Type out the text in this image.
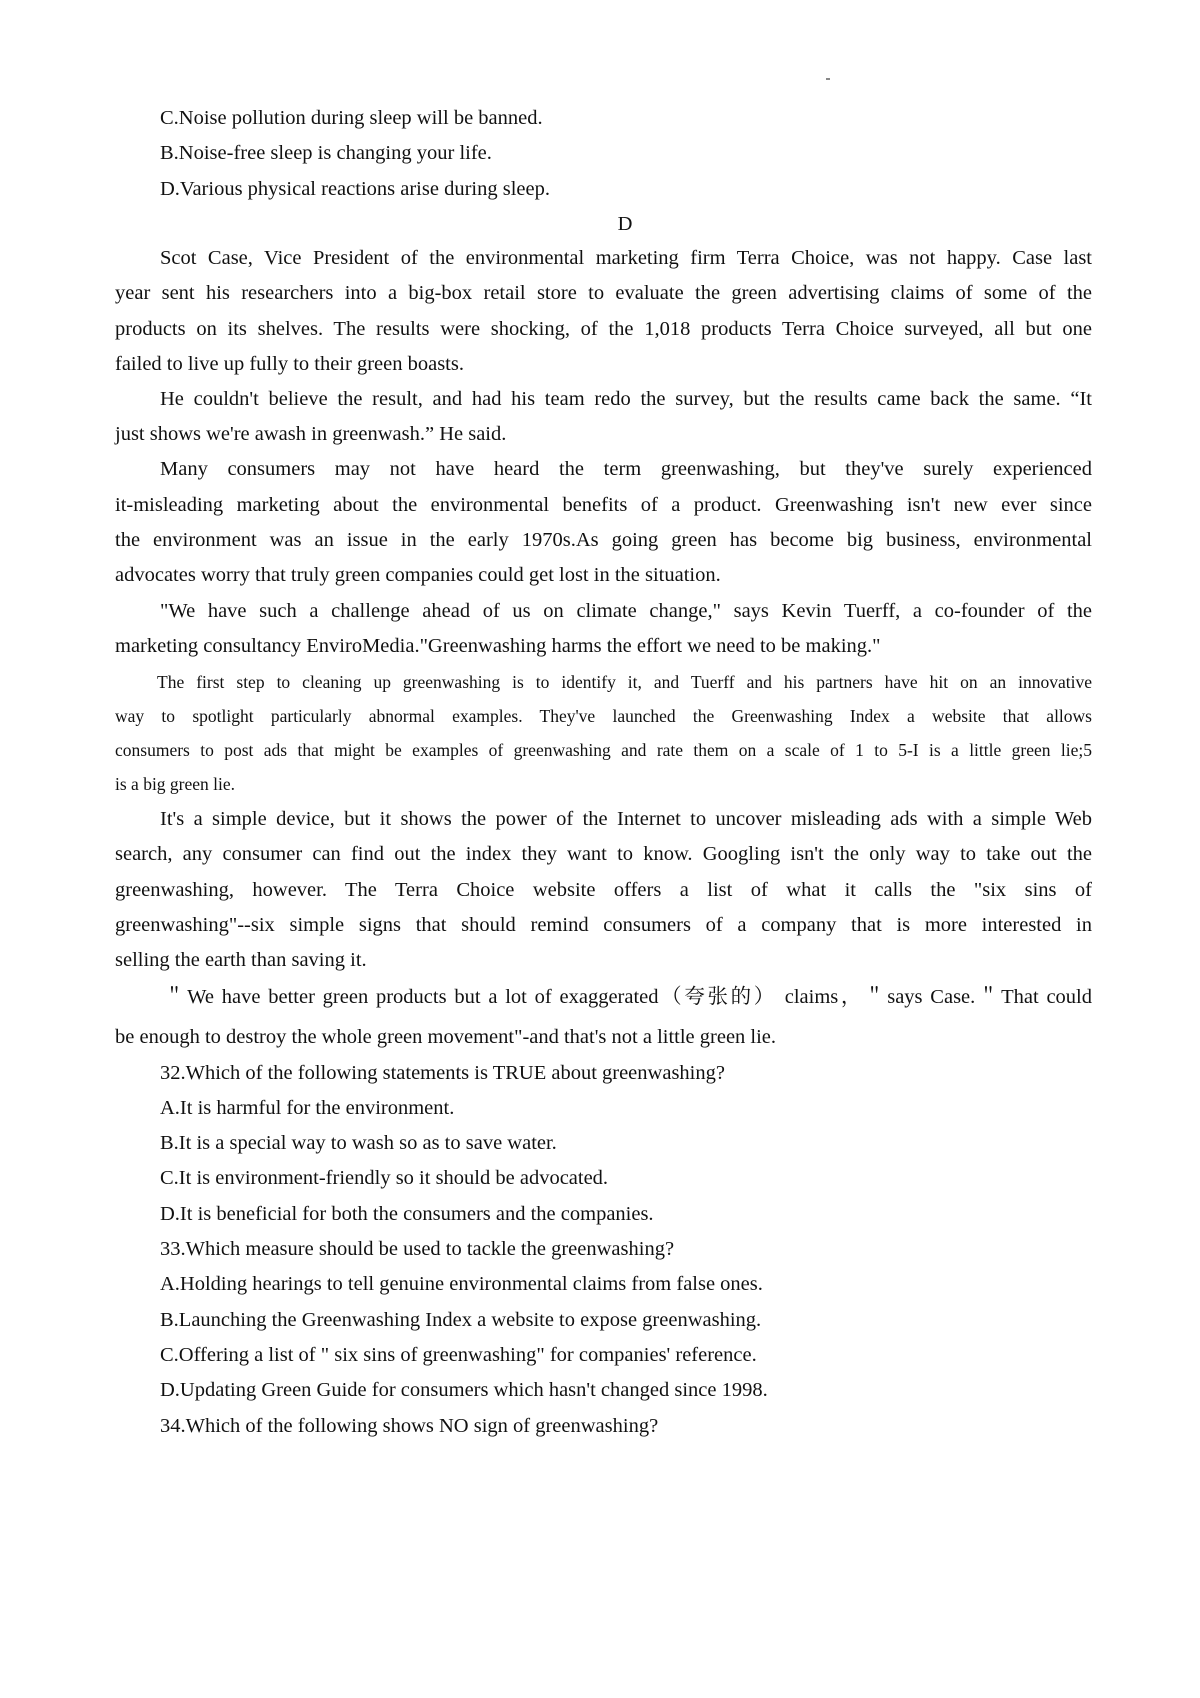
C.Noise pollution during sleep will be banned.
B.Noise-free sleep is changing your life.
D.Various physical reactions arise during sleep.
D
Scot Case, Vice President of the environmental marketing firm Terra Choice, was not happy. Case last
year sent his researchers into a big-box retail store to evaluate the green advertising claims of some of the
products on its shelves. The results were shocking, of the 1,018 products Terra Choice surveyed, all but one
failed to live up fully to their green boasts.
He couldn't believe the result, and had his team redo the survey, but the results came back the same. “It
just shows we're awash in greenwash.” He said.
Many consumers may not have heard the term greenwashing, but they've surely experienced
it-misleading marketing about the environmental benefits of a product. Greenwashing isn't new ever since
the environment was an issue in the early 1970s.As going green has become big business, environmental
advocates worry that truly green companies could get lost in the situation.
"We have such a challenge ahead of us on climate change," says Kevin Tuerff, a co-founder of the
marketing consultancy EnviroMedia."Greenwashing harms the effort we need to be making."
The first step to cleaning up greenwashing is to identify it, and Tuerff and his partners have hit on an innovative
way to spotlight particularly abnormal examples. They've launched the Greenwashing Index a website that allows
consumers to post ads that might be examples of greenwashing and rate them on a scale of 1 to 5-I is a little green lie;5
is a big green lie.
It's a simple device, but it shows the power of the Internet to uncover misleading ads with a simple Web
search, any consumer can find out the index they want to know. Googling isn't the only way to take out the
greenwashing, however. The Terra Choice website offers a list of what it calls the "six sins of
greenwashing"--six simple signs that should remind consumers of a company that is more interested in
selling the earth than saving it.
＂We have better green products but a lot of exaggerated（夸张的） claims，＂says Case.＂That could
be enough to destroy the whole green movement"-and that's not a little green lie.
32.Which of the following statements is TRUE about greenwashing?
A.It is harmful for the environment.
B.It is a special way to wash so as to save water.
C.It is environment-friendly so it should be advocated.
D.It is beneficial for both the consumers and the companies.
33.Which measure should be used to tackle the greenwashing?
A.Holding hearings to tell genuine environmental claims from false ones.
B.Launching the Greenwashing Index a website to expose greenwashing.
C.Offering a list of " six sins of greenwashing" for companies' reference.
D.Updating Green Guide for consumers which hasn't changed since 1998.
34.Which of the following shows NO sign of greenwashing?
